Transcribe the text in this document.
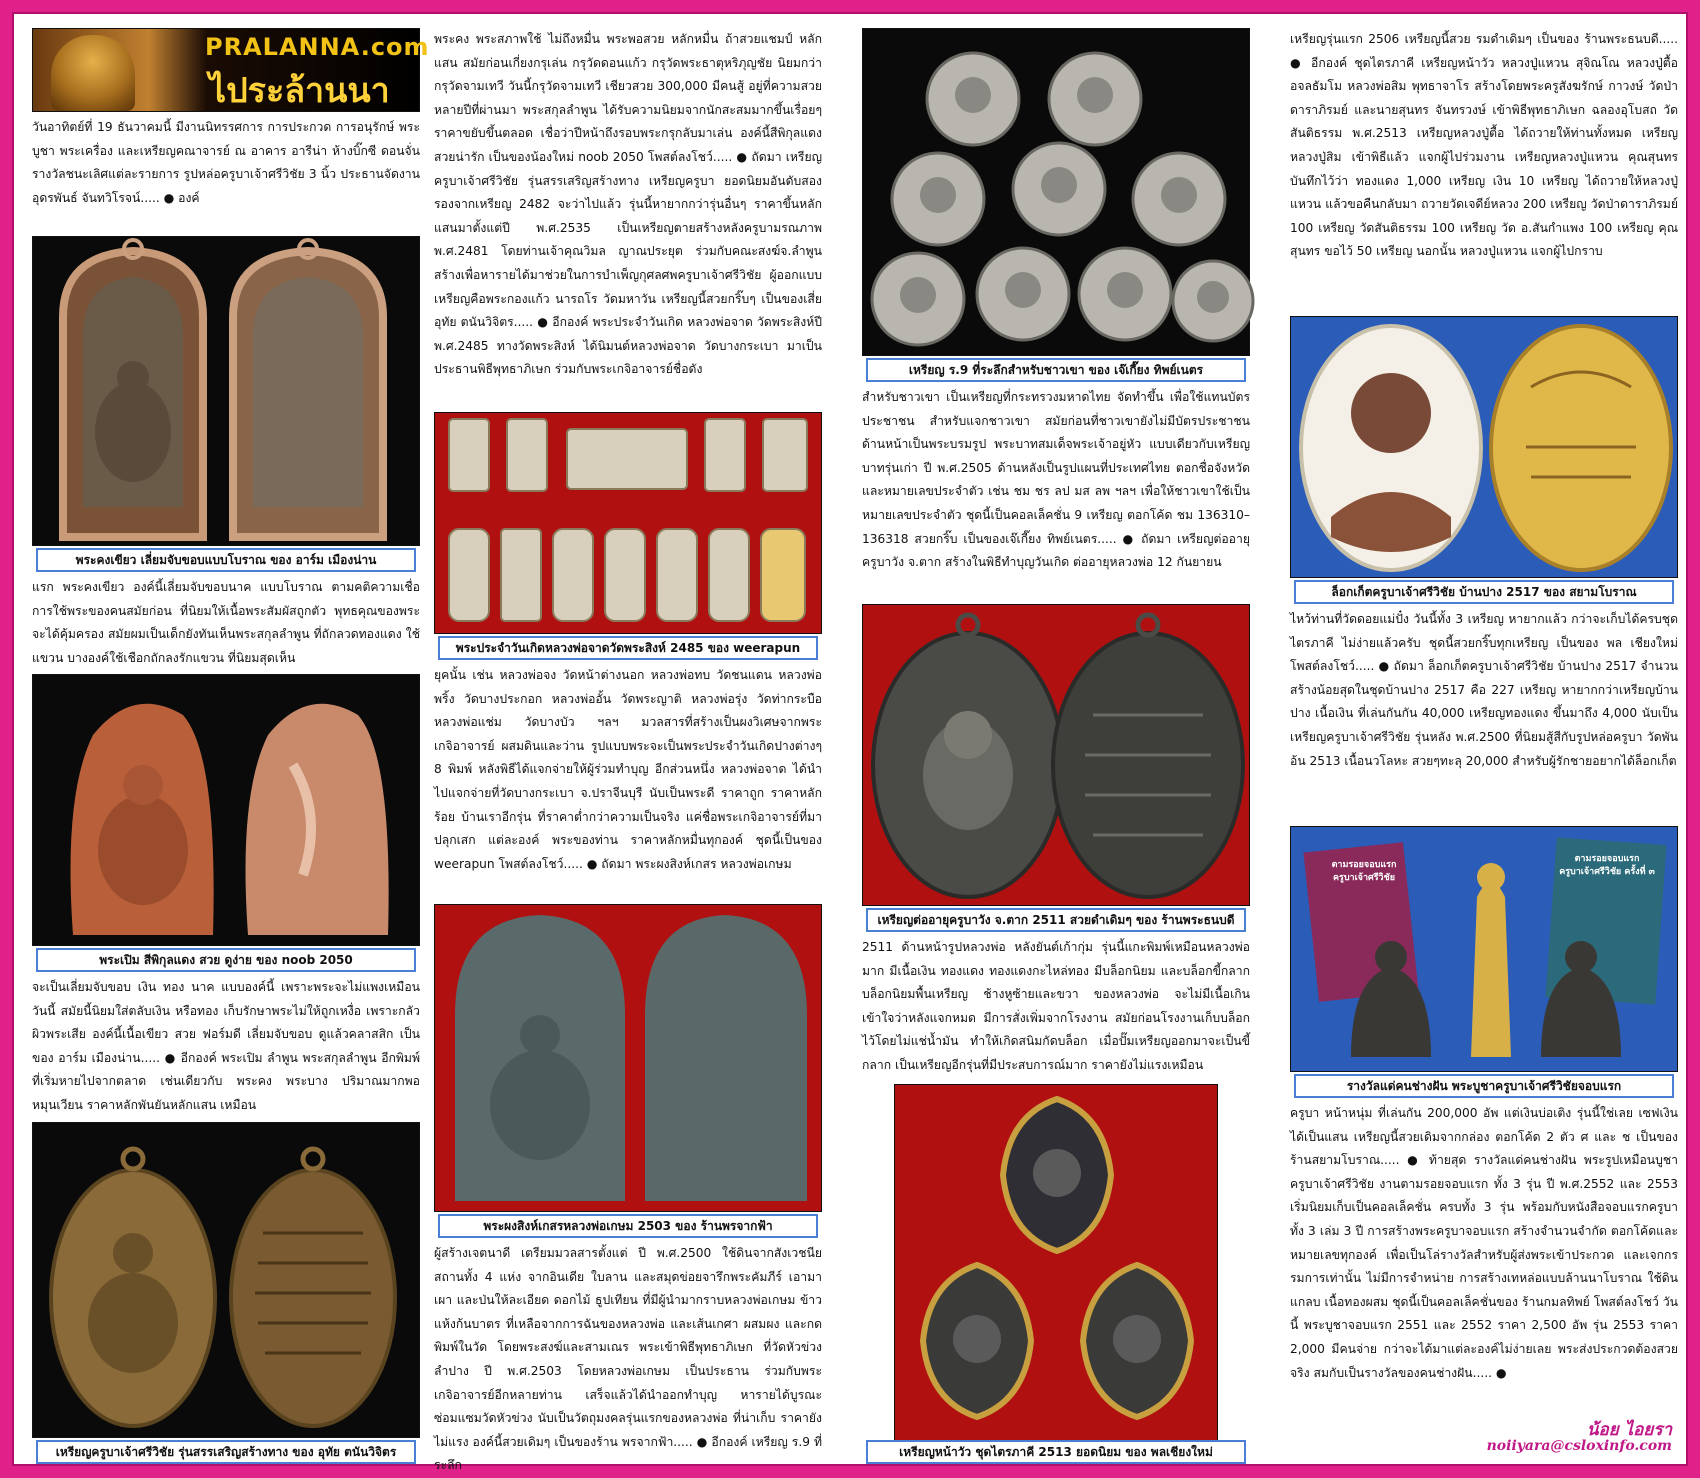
PRALANNA.com
ไประล้านนา
วันอาทิตย์ที่ 19 ธันวาคมนี้ มีงานนิทรรศการ การประกวด การอนุรักษ์ พระบูชา พระเครื่อง และเหรียญคณาจารย์ ณ อาคาร อารีน่า ห้างบิ๊กซี ดอนจั่น รางวัลชนะเลิศแต่ละรายการ รูปหล่อครูบาเจ้าศรีวิชัย 3 นิ้ว ประธานจัดงาน อุดรพันธ์ จันทวิโรจน์..... ● องค์
พระคงเขียว เลี่ยมจับขอบแบบโบราณ ของ อาร์ม เมืองน่าน
แรก พระคงเขียว องค์นี้เลี่ยมจับขอบนาค แบบโบราณ ตามคติความเชื่อ การใช้พระของคนสมัยก่อน ที่นิยมให้เนื้อพระสัมผัสถูกตัว พุทธคุณของพระจะได้คุ้มครอง สมัยผมเป็นเด็กยังทันเห็นพระสกุลลำพูน ที่ถักลวดทองแดง ใช้แขวน บางองค์ใช้เชือกถักลงรักแขวน ที่นิยมสุดเห็น
พระเปิม สีพิกุลแดง สวย ดูง่าย ของ noob 2050
จะเป็นเลี่ยมจับขอบ เงิน ทอง นาค แบบองค์นี้ เพราะพระจะไม่แพงเหมือนวันนี้ สมัยนี้นิยมใส่ตลับเงิน หรือทอง เก็บรักษาพระไม่ให้ถูกเหงื่อ เพราะกลัวผิวพระเสีย องค์นี้เนื้อเขียว สวย ฟอร์มดี เลี่ยมจับขอบ ดูแล้วคลาสสิก เป็นของ อาร์ม เมืองน่าน..... ● อีกองค์ พระเปิม ลำพูน พระสกุลลำพูน อีกพิมพ์ ที่เริ่มหายไปจากตลาด เช่นเดียวกับ พระคง พระบาง ปริมาณมากพอหมุนเวียน ราคาหลักพันยันหลักแสน เหมือน
เหรียญครูบาเจ้าศรีวิชัย รุ่นสรรเสริญสร้างทาง ของ อุทัย ตนันวิจิตร
พระคง พระสภาพใช้ ไม่ถึงหมื่น พระพอสวย หลักหมื่น ถ้าสวยแชมป์ หลักแสน สมัยก่อนเกี่ยงกรุเล่น กรุวัดดอนแก้ว กรุวัดพระธาตุหริภุญชัย นิยมกว่ากรุวัดจามเทวี วันนี้กรุวัดจามเทวี เชียวสวย 300,000 มีคนสู้ อยู่ที่ความสวย หลายปีที่ผ่านมา พระสกุลลำพูน ได้รับความนิยมจากนักสะสมมากขึ้นเรื่อยๆ ราคาขยับขึ้นตลอด เชื่อว่าปีหน้าถึงรอบพระกรุกลับมาเล่น องค์นี้สีพิกุลแดง สวยน่ารัก เป็นของน้องใหม่ noob 2050 โพสต์ลงโชว์..... ● ถัดมา เหรียญครูบาเจ้าศรีวิชัย รุ่นสรรเสริญสร้างทาง เหรียญครูบา ยอดนิยมอันดับสองรองจากเหรียญ 2482 จะว่าไปแล้ว รุ่นนี้หายากกว่ารุ่นอื่นๆ ราคาขึ้นหลักแสนมาตั้งแต่ปี พ.ศ.2535 เป็นเหรียญตายสร้างหลังครูบามรณภาพ พ.ศ.2481 โดยท่านเจ้าคุณวิมล ญาณประยุต ร่วมกับคณะสงฆ์จ.ลำพูน สร้างเพื่อหารายได้มาช่วยในการบำเพ็ญกุศลศพครูบาเจ้าศรีวิชัย ผู้ออกแบบเหรียญคือพระกองแก้ว นารถโร วัดมหาวัน เหรียญนี้สวยกริ๊บๆ เป็นของเสี่ยอุทัย ตนันวิจิตร..... ● อีกองค์ พระประจำวันเกิด หลวงพ่อจาด วัดพระสิงห์ปี พ.ศ.2485 ทางวัดพระสิงห์ ได้นิมนต์หลวงพ่อจาด วัดบางกระเบา มาเป็นประธานพิธีพุทธาภิเษก ร่วมกับพระเกจิอาจารย์ชื่อดัง
พระประจำวันเกิดหลวงพ่อจาดวัดพระสิงห์ 2485 ของ weerapun
ยุคนั้น เช่น หลวงพ่อจง วัดหน้าต่างนอก หลวงพ่อทบ วัดชนแดน หลวงพ่อพริ้ง วัดบางประกอก หลวงพ่ออั้น วัดพระญาติ หลวงพ่อรุ่ง วัดท่ากระบือ หลวงพ่อแช่ม วัดบางบัว ฯลฯ มวลสารที่สร้างเป็นผงวิเศษจากพระเกจิอาจารย์ ผสมดินและว่าน รูปแบบพระจะเป็นพระประจำวันเกิดปางต่างๆ 8 พิมพ์ หลังพิธีได้แจกจ่ายให้ผู้ร่วมทำบุญ อีกส่วนหนึ่ง หลวงพ่อจาด ได้นำไปแจกจ่ายที่วัดบางกระเบา จ.ปราจีนบุรี นับเป็นพระดี ราคาถูก ราคาหลักร้อย บ้านเราอีกรุ่น ที่ราคาต่ำกว่าความเป็นจริง แค่ชื่อพระเกจิอาจารย์ที่มาปลุกเสก แต่ละองค์ พระของท่าน ราคาหลักหมื่นทุกองค์ ชุดนี้เป็นของ weerapun โพสต์ลงโชว์..... ● ถัดมา พระผงสิงห์เกสร หลวงพ่อเกษม
พระผงสิงห์เกสรหลวงพ่อเกษม 2503 ของ ร้านพรจากฟ้า
ผู้สร้างเจตนาดี เตรียมมวลสารตั้งแต่ ปี พ.ศ.2500 ใช้ดินจากสังเวชนียสถานทั้ง 4 แห่ง จากอินเดีย ใบลาน และสมุดข่อยจารึกพระคัมภีร์ เอามาเผา และป่นให้ละเอียด ดอกไม้ ธูปเทียน ที่มีผู้นำมากราบหลวงพ่อเกษม ข้าวแห้งก้นบาตร ที่เหลือจากการฉันของหลวงพ่อ และเส้นเกศา ผสมผง และกดพิมพ์ในวัด โดยพระสงฆ์และสามเณร พระเข้าพิธีพุทธาภิเษก ที่วัดหัวข่วง ลำปาง ปี พ.ศ.2503 โดยหลวงพ่อเกษม เป็นประธาน ร่วมกับพระเกจิอาจารย์อีกหลายท่าน เสร็จแล้วได้นำออกทำบุญ หารายได้บูรณะซ่อมแซมวัดหัวข่วง นับเป็นวัตถุมงคลรุ่นแรกของหลวงพ่อ ที่น่าเก็บ ราคายังไม่แรง องค์นี้สวยเดิมๆ เป็นของร้าน พรจากฟ้า..... ● อีกองค์ เหรียญ ร.9 ที่ระลึก
เหรียญ ร.9 ที่ระลึกสำหรับชาวเขา ของ เจ๊เกี๊ยง ทิพย์เนตร
สำหรับชาวเขา เป็นเหรียญที่กระทรวงมหาดไทย จัดทำขึ้น เพื่อใช้แทนบัตรประชาชน สำหรับแจกชาวเขา สมัยก่อนที่ชาวเขายังไม่มีบัตรประชาชน ด้านหน้าเป็นพระบรมรูป พระบาทสมเด็จพระเจ้าอยู่หัว แบบเดียวกับเหรียญบาทรุ่นเก่า ปี พ.ศ.2505 ด้านหลังเป็นรูปแผนที่ประเทศไทย ตอกชื่อจังหวัด และหมายเลขประจำตัว เช่น ชม ชร ลป มส ลพ ฯลฯ เพื่อให้ชาวเขาใช้เป็นหมายเลขประจำตัว ชุดนี้เป็นคอลเล็คชั่น 9 เหรียญ ตอกโค้ด ชม 136310–136318 สวยกริ๊บ เป็นของเจ๊เกี๊ยง ทิพย์เนตร..... ● ถัดมา เหรียญต่ออายุครูบาวัง จ.ตาก สร้างในพิธีทำบุญวันเกิด ต่ออายุหลวงพ่อ 12 กันยายน
เหรียญต่ออายุครูบาวัง จ.ตาก 2511 สวยดำเดิมๆ ของ ร้านพระธนบดี
2511 ด้านหน้ารูปหลวงพ่อ หลังยันต์เก้ากุ่ม รุ่นนี้แกะพิมพ์เหมือนหลวงพ่อมาก มีเนื้อเงิน ทองแดง ทองแดงกะไหล่ทอง มีบล็อกนิยม และบล็อกขี้กลาก บล็อกนิยมพื้นเหรียญ ช้างหูซ้ายและขวา ของหลวงพ่อ จะไม่มีเนื้อเกิน เข้าใจว่าหลังแจกหมด มีการสั่งเพิ่มจากโรงงาน สมัยก่อนโรงงานเก็บบล็อกไว้โดยไม่แช่น้ำมัน ทำให้เกิดสนิมกัดบล็อก เมื่อปั๊มเหรียญออกมาจะเป็นขี้กลาก เป็นเหรียญอีกรุ่นที่มีประสบการณ์มาก ราคายังไม่แรงเหมือน
เหรียญหน้าวัว ชุดไตรภาคี 2513 ยอดนิยม ของ พลเชียงใหม่
เหรียญรุ่นแรก 2506 เหรียญนี้สวย รมดำเดิมๆ เป็นของ ร้านพระธนบดี..... ● อีกองค์ ชุดไตรภาคี เหรียญหน้าวัว หลวงปู่แหวน สุจิณโณ หลวงปู่ตื้อ อจลธัมโม หลวงพ่อสิม พุทธาจาโร สร้างโดยพระครูสังฆรักษ์ กาวงษ์ วัดป่าดาราภิรมย์ และนายสุนทร จันทรวงษ์ เข้าพิธีพุทธาภิเษก ฉลองอุโบสถ วัดสันติธรรม พ.ศ.2513 เหรียญหลวงปู่ตื้อ ได้ถวายให้ท่านทั้งหมด เหรียญหลวงปู่สิม เข้าพิธีแล้ว แจกผู้ไปร่วมงาน เหรียญหลวงปู่แหวน คุณสุนทร บันทึกไว้ว่า ทองแดง 1,000 เหรียญ เงิน 10 เหรียญ ได้ถวายให้หลวงปู่แหวน แล้วขอคืนกลับมา ถวายวัดเจดีย์หลวง 200 เหรียญ วัดป่าดาราภิรมย์ 100 เหรียญ วัดสันติธรรม 100 เหรียญ วัด อ.สันกำแพง 100 เหรียญ คุณสุนทร ขอไว้ 50 เหรียญ นอกนั้น หลวงปู่แหวน แจกผู้ไปกราบ
ล็อกเก็ตครูบาเจ้าศรีวิชัย บ้านปาง 2517 ของ สยามโบราณ
ไหว้ท่านที่วัดดอยแม่ปั๋ง วันนี้ทั้ง 3 เหรียญ หายากแล้ว กว่าจะเก็บได้ครบชุดไตรภาคี ไม่ง่ายแล้วครับ ชุดนี้สวยกริ๊บทุกเหรียญ เป็นของ พล เชียงใหม่ โพสต์ลงโชว์..... ● ถัดมา ล็อกเก็ตครูบาเจ้าศรีวิชัย บ้านปาง 2517 จำนวนสร้างน้อยสุดในชุดบ้านปาง 2517 คือ 227 เหรียญ หายากกว่าเหรียญบ้านปาง เนื้อเงิน ที่เล่นกันกัน 40,000 เหรียญทองแดง ขึ้นมาถึง 4,000 นับเป็นเหรียญครูบาเจ้าศรีวิชัย รุ่นหลัง พ.ศ.2500 ที่นิยมสู้สีกับรูปหล่อครูบา วัดพันอ้น 2513 เนื้อนวโลหะ สวยๆทะลุ 20,000 สำหรับผู้รักชายอยากได้ล็อกเก็ต
ตามรอยจอบแรก
ครูบาเจ้าศรีวิชัย
ตามรอยจอบแรก
ครูบาเจ้าศรีวิชัย ครั้งที่ ๓
รางวัลแด่คนช่างฝัน พระบูชาครูบาเจ้าศรีวิชัยจอบแรก
ครูบา หน้าหนุ่ม ที่เล่นกัน 200,000 อัพ แต่เงินบ่อเติง รุ่นนี้ใช่เลย เซฟเงินได้เป็นแสน เหรียญนี้สวยเดิมจากกล่อง ตอกโค้ด 2 ตัว ศ และ ช เป็นของร้านสยามโบราณ..... ● ท้ายสุด รางวัลแด่คนช่างฝัน พระรูปเหมือนบูชา ครูบาเจ้าศรีวิชัย งานตามรอยจอบแรก ทั้ง 3 รุ่น ปี พ.ศ.2552 และ 2553 เริ่มนิยมเก็บเป็นคอลเล็คชั่น ครบทั้ง 3 รุ่น พร้อมกับหนังสือจอบแรกครูบา ทั้ง 3 เล่ม 3 ปี การสร้างพระครูบาจอบแรก สร้างจำนวนจำกัด ตอกโค้ดและหมายเลขทุกองค์ เพื่อเป็นโล่รางวัลสำหรับผู้ส่งพระเข้าประกวด และเจกกรรมการเท่านั้น ไม่มีการจำหน่าย การสร้างเทหล่อแบบล้านนาโบราณ ใช้ดินแกลบ เนื้อทองผสม ชุดนี้เป็นคอลเล็คชั่นของ ร้านกมลทิพย์ โพสต์ลงโชว์ วันนี้ พระบูชาจอบแรก 2551 และ 2552 ราคา 2,500 อัพ รุ่น 2553 ราคา 2,000 มีคนจ่าย กว่าจะได้มาแต่ละองค์ไม่ง่ายเลย พระส่งประกวดต้องสวยจริง สมกับเป็นรางวัลของคนช่างฝัน..... ●
น้อย ไอยรา
noiiyara@csloxinfo.com
